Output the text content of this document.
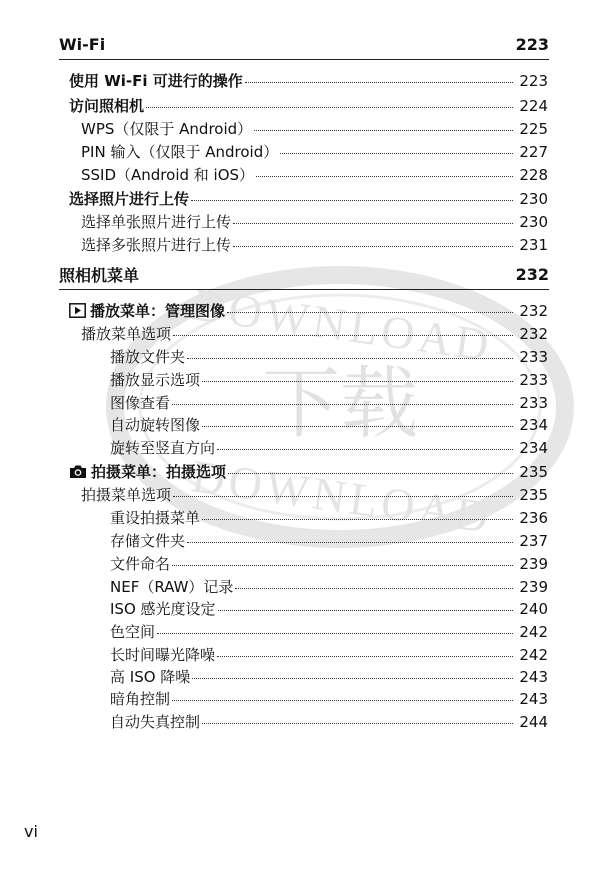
DOWNLOAD
下载
DOWNLOAD
Wi-Fi	223
使用 Wi-Fi 可进行的操作	223
访问照相机	224
WPS（仅限于 Android）	225
PIN 输入（仅限于 Android）	227
SSID（Android 和 iOS）	228
选择照片进行上传	230
选择单张照片进行上传	230
选择多张照片进行上传	231
照相机菜单	232
播放菜单：管理图像	232
播放菜单选项	232
播放文件夹	233
播放显示选项	233
图像查看	233
自动旋转图像	234
旋转至竖直方向	234
拍摄菜单：拍摄选项	235
拍摄菜单选项	235
重设拍摄菜单	236
存储文件夹	237
文件命名	239
NEF（RAW）记录	239
ISO 感光度设定	240
色空间	242
长时间曝光降噪	242
高 ISO 降噪	243
暗角控制	243
自动失真控制	244
vi
